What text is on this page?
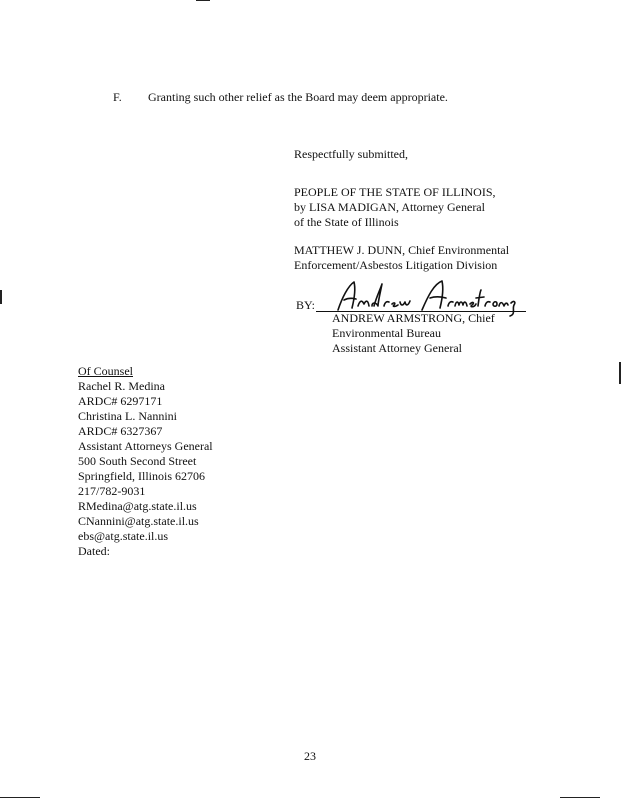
F. Granting such other relief as the Board may deem appropriate.
Respectfully submitted,
PEOPLE OF THE STATE OF ILLINOIS,
by LISA MADIGAN, Attorney General
of the State of Illinois
MATTHEW J. DUNN, Chief Environmental
Enforcement/Asbestos Litigation Division
BY:
ANDREW ARMSTRONG, Chief
Environmental Bureau
Assistant Attorney General
Of Counsel
Rachel R. Medina
ARDC# 6297171
Christina L. Nannini
ARDC# 6327367
Assistant Attorneys General
500 South Second Street
Springfield, Illinois 62706
217/782-9031
RMedina@atg.state.il.us
CNannini@atg.state.il.us
ebs@atg.state.il.us
Dated:
23
